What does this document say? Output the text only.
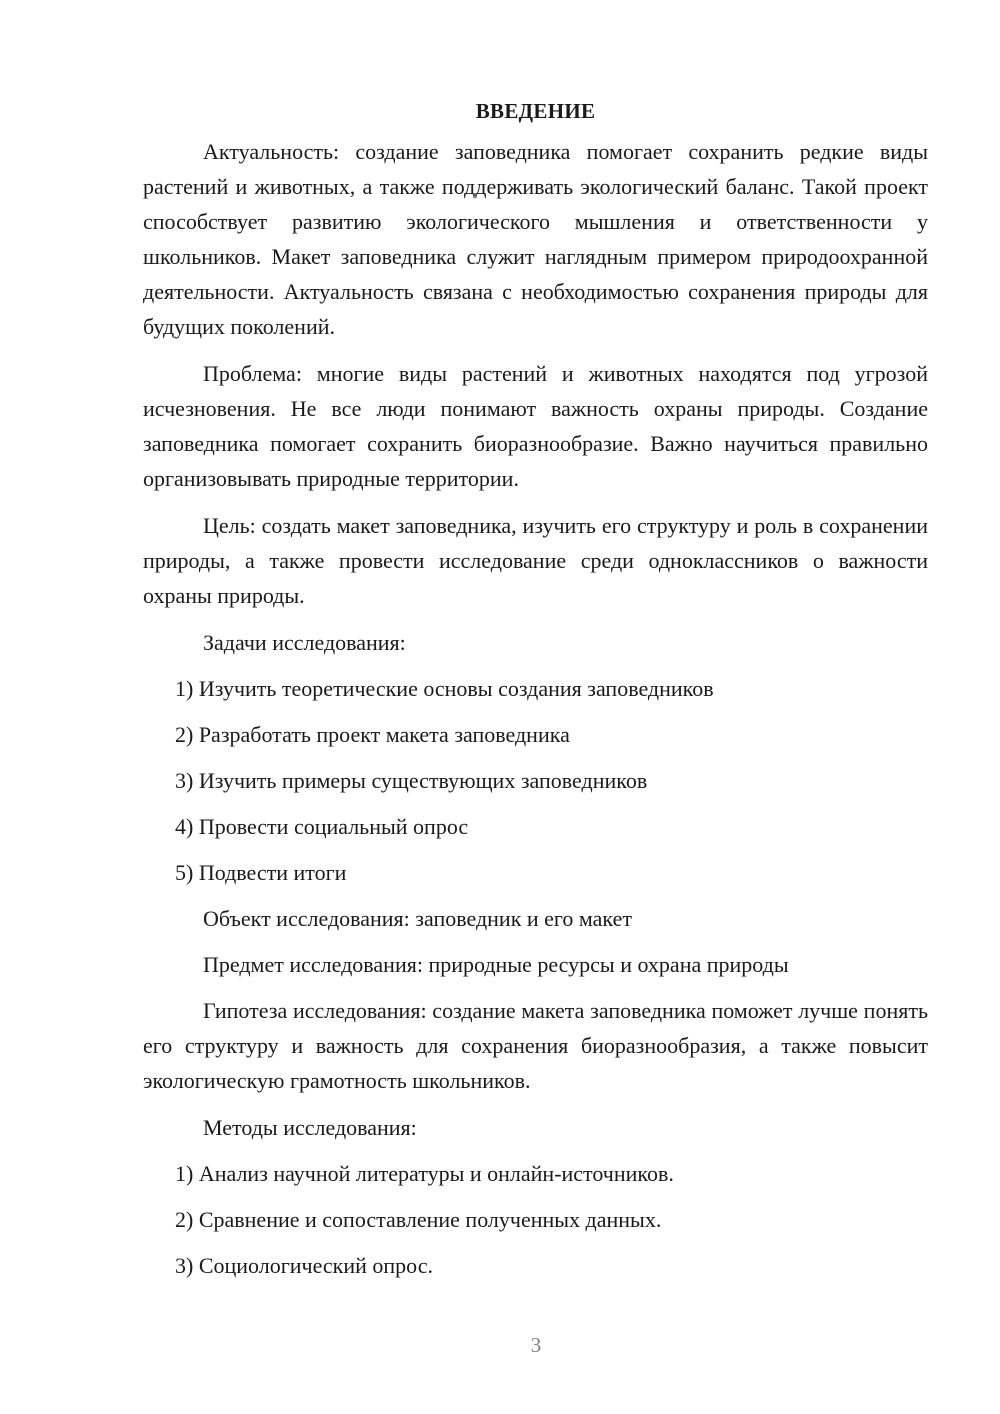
ВВЕДЕНИЕ

Актуальность: создание заповедника помогает сохранить редкие виды растений и животных, а также поддерживать экологический баланс. Такой проект способствует развитию экологического мышления и ответственности у школьников. Макет заповедника служит наглядным примером природоохранной деятельности. Актуальность связана с необходимостью сохранения природы для будущих поколений.

Проблема: многие виды растений и животных находятся под угрозой исчезновения. Не все люди понимают важность охраны природы. Создание заповедника помогает сохранить биоразнообразие. Важно научиться правильно организовывать природные территории.

Цель: создать макет заповедника, изучить его структуру и роль в сохранении природы, а также провести исследование среди одноклассников о важности охраны природы.

Задачи исследования:
1) Изучить теоретические основы создания заповедников
2) Разработать проект макета заповедника
3) Изучить примеры существующих заповедников
4) Провести социальный опрос
5) Подвести итоги
Объект исследования: заповедник и его макет
Предмет исследования: природные ресурсы и охрана природы

Гипотеза исследования: создание макета заповедника поможет лучше понять его структуру и важность для сохранения биоразнообразия, а также повысит экологическую грамотность школьников.

Методы исследования:
1) Анализ научной литературы и онлайн-источников.
2) Сравнение и сопоставление полученных данных.
3) Социологический опрос.
3
